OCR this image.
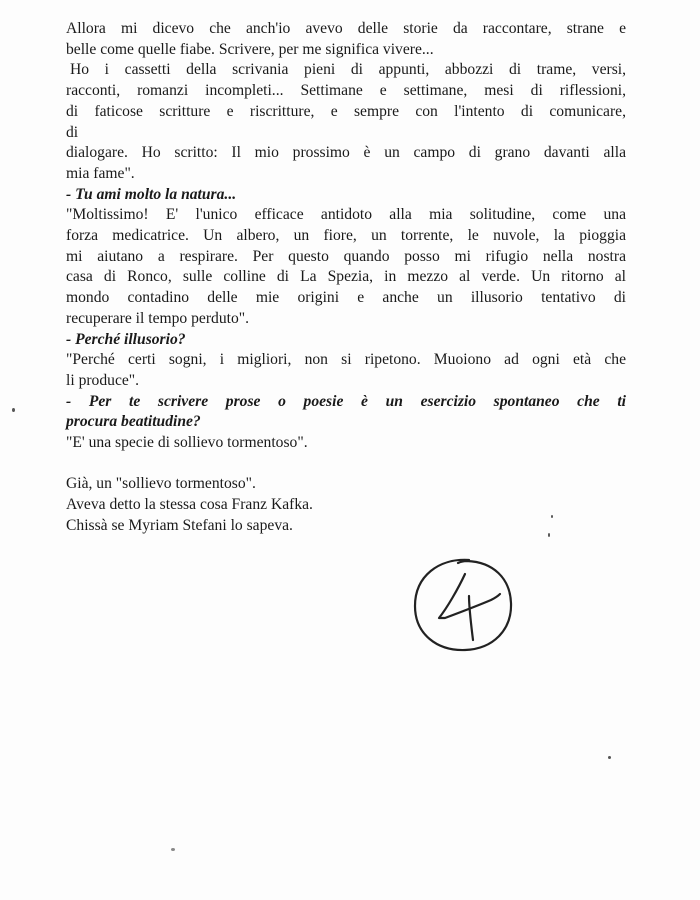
Allora mi dicevo che anch'io avevo delle storie da raccontare, strane e
belle come quelle fiabe. Scrivere, per me significa vivere...
Ho i cassetti della scrivania pieni di appunti, abbozzi di trame, versi,
racconti, romanzi incompleti... Settimane e settimane, mesi di riflessioni,
di faticose scritture e riscritture, e sempre con l'intento di comunicare,
di
dialogare. Ho scritto: Il mio prossimo è un campo di grano davanti alla
mia fame".
- Tu ami molto la natura...
"Moltissimo! E' l'unico efficace antidoto alla mia solitudine, come una
forza medicatrice. Un albero, un fiore, un torrente, le nuvole, la pioggia
mi aiutano a respirare. Per questo quando posso mi rifugio nella nostra
casa di Ronco, sulle colline di La Spezia, in mezzo al verde. Un ritorno al
mondo contadino delle mie origini e anche un illusorio tentativo di
recuperare il tempo perduto".
- Perché illusorio?
"Perché certi sogni, i migliori, non si ripetono. Muoiono ad ogni età che
li produce".
- Per te scrivere prose o poesie è un esercizio spontaneo che ti
procura beatitudine?
"E' una specie di sollievo tormentoso".
Già, un "sollievo tormentoso".
Aveva detto la stessa cosa Franz Kafka.
Chissà se Myriam Stefani lo sapeva.
